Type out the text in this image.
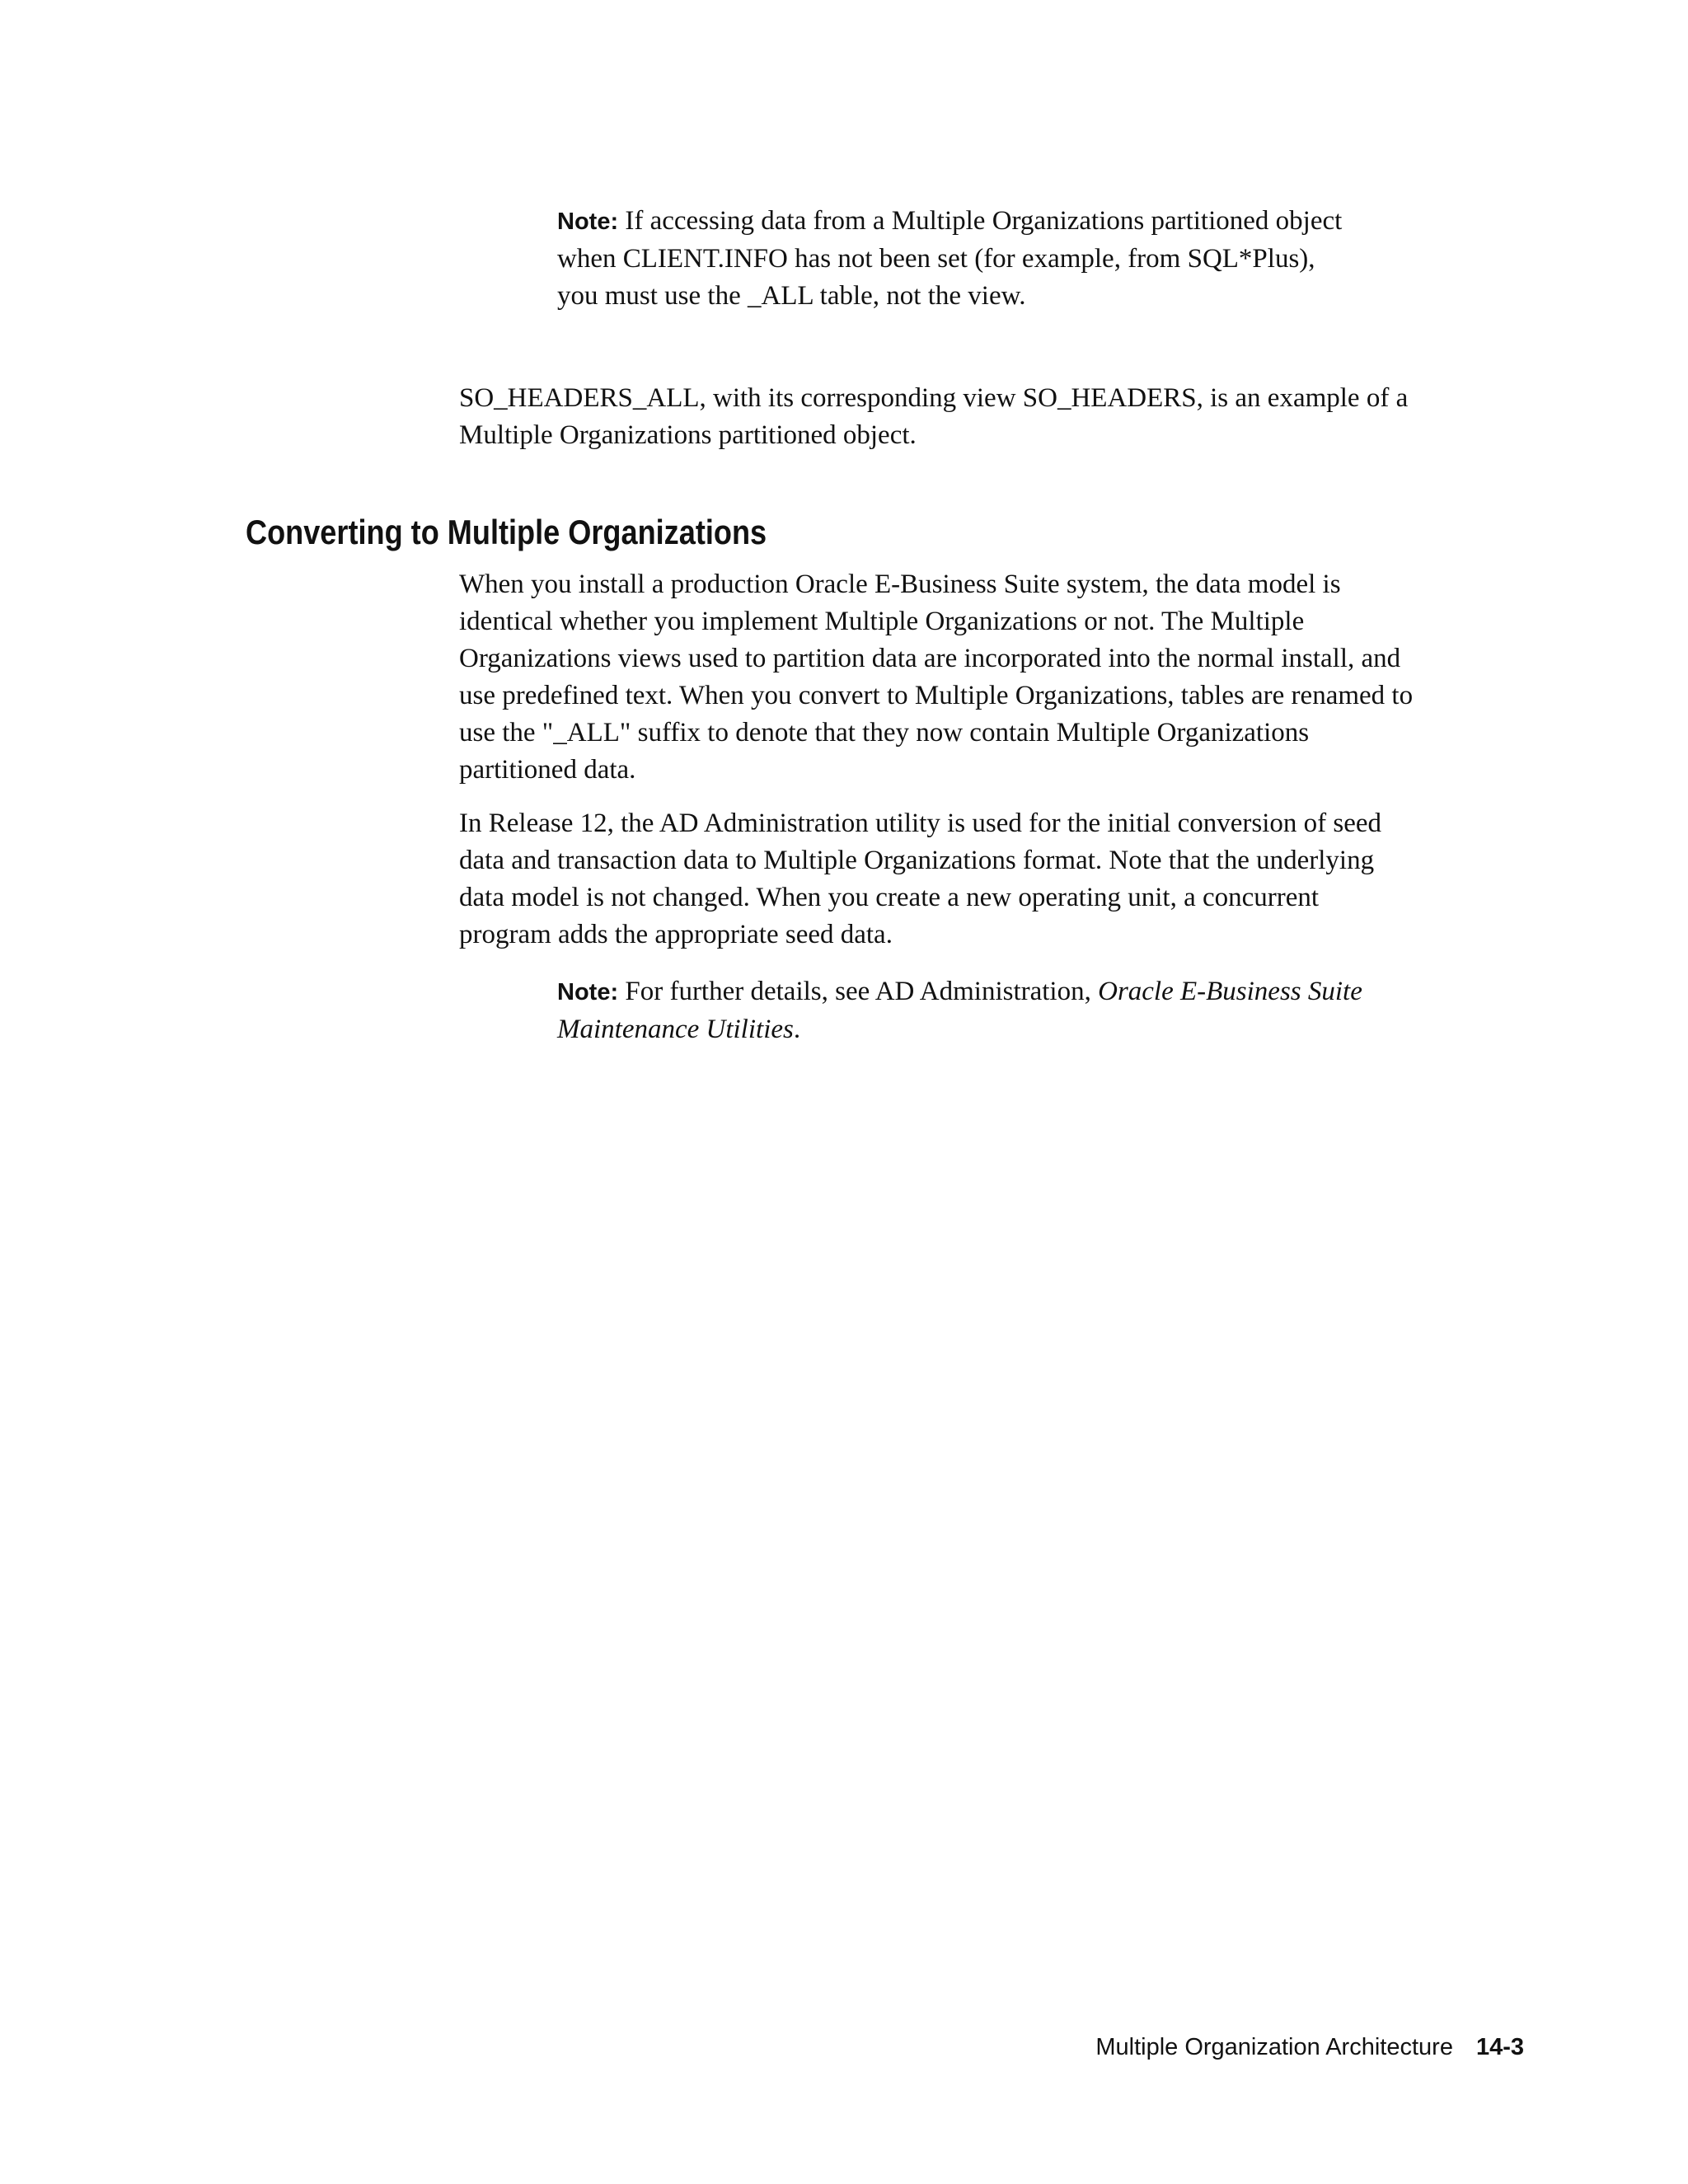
Note: If accessing data from a Multiple Organizations partitioned object
when CLIENT.INFO has not been set (for example, from SQL*Plus),
you must use the _ALL table, not the view.
SO_HEADERS_ALL, with its corresponding view SO_HEADERS, is an example of a
Multiple Organizations partitioned object.
Converting to Multiple Organizations
When you install a production Oracle E-Business Suite system, the data model is
identical whether you implement Multiple Organizations or not. The Multiple
Organizations views used to partition data are incorporated into the normal install, and
use predefined text. When you convert to Multiple Organizations, tables are renamed to
use the "_ALL" suffix to denote that they now contain Multiple Organizations
partitioned data.
In Release 12, the AD Administration utility is used for the initial conversion of seed
data and transaction data to Multiple Organizations format. Note that the underlying
data model is not changed. When you create a new operating unit, a concurrent
program adds the appropriate seed data.
Note: For further details, see AD Administration, Oracle E-Business Suite
Maintenance Utilities.
Multiple Organization Architecture 14-3
